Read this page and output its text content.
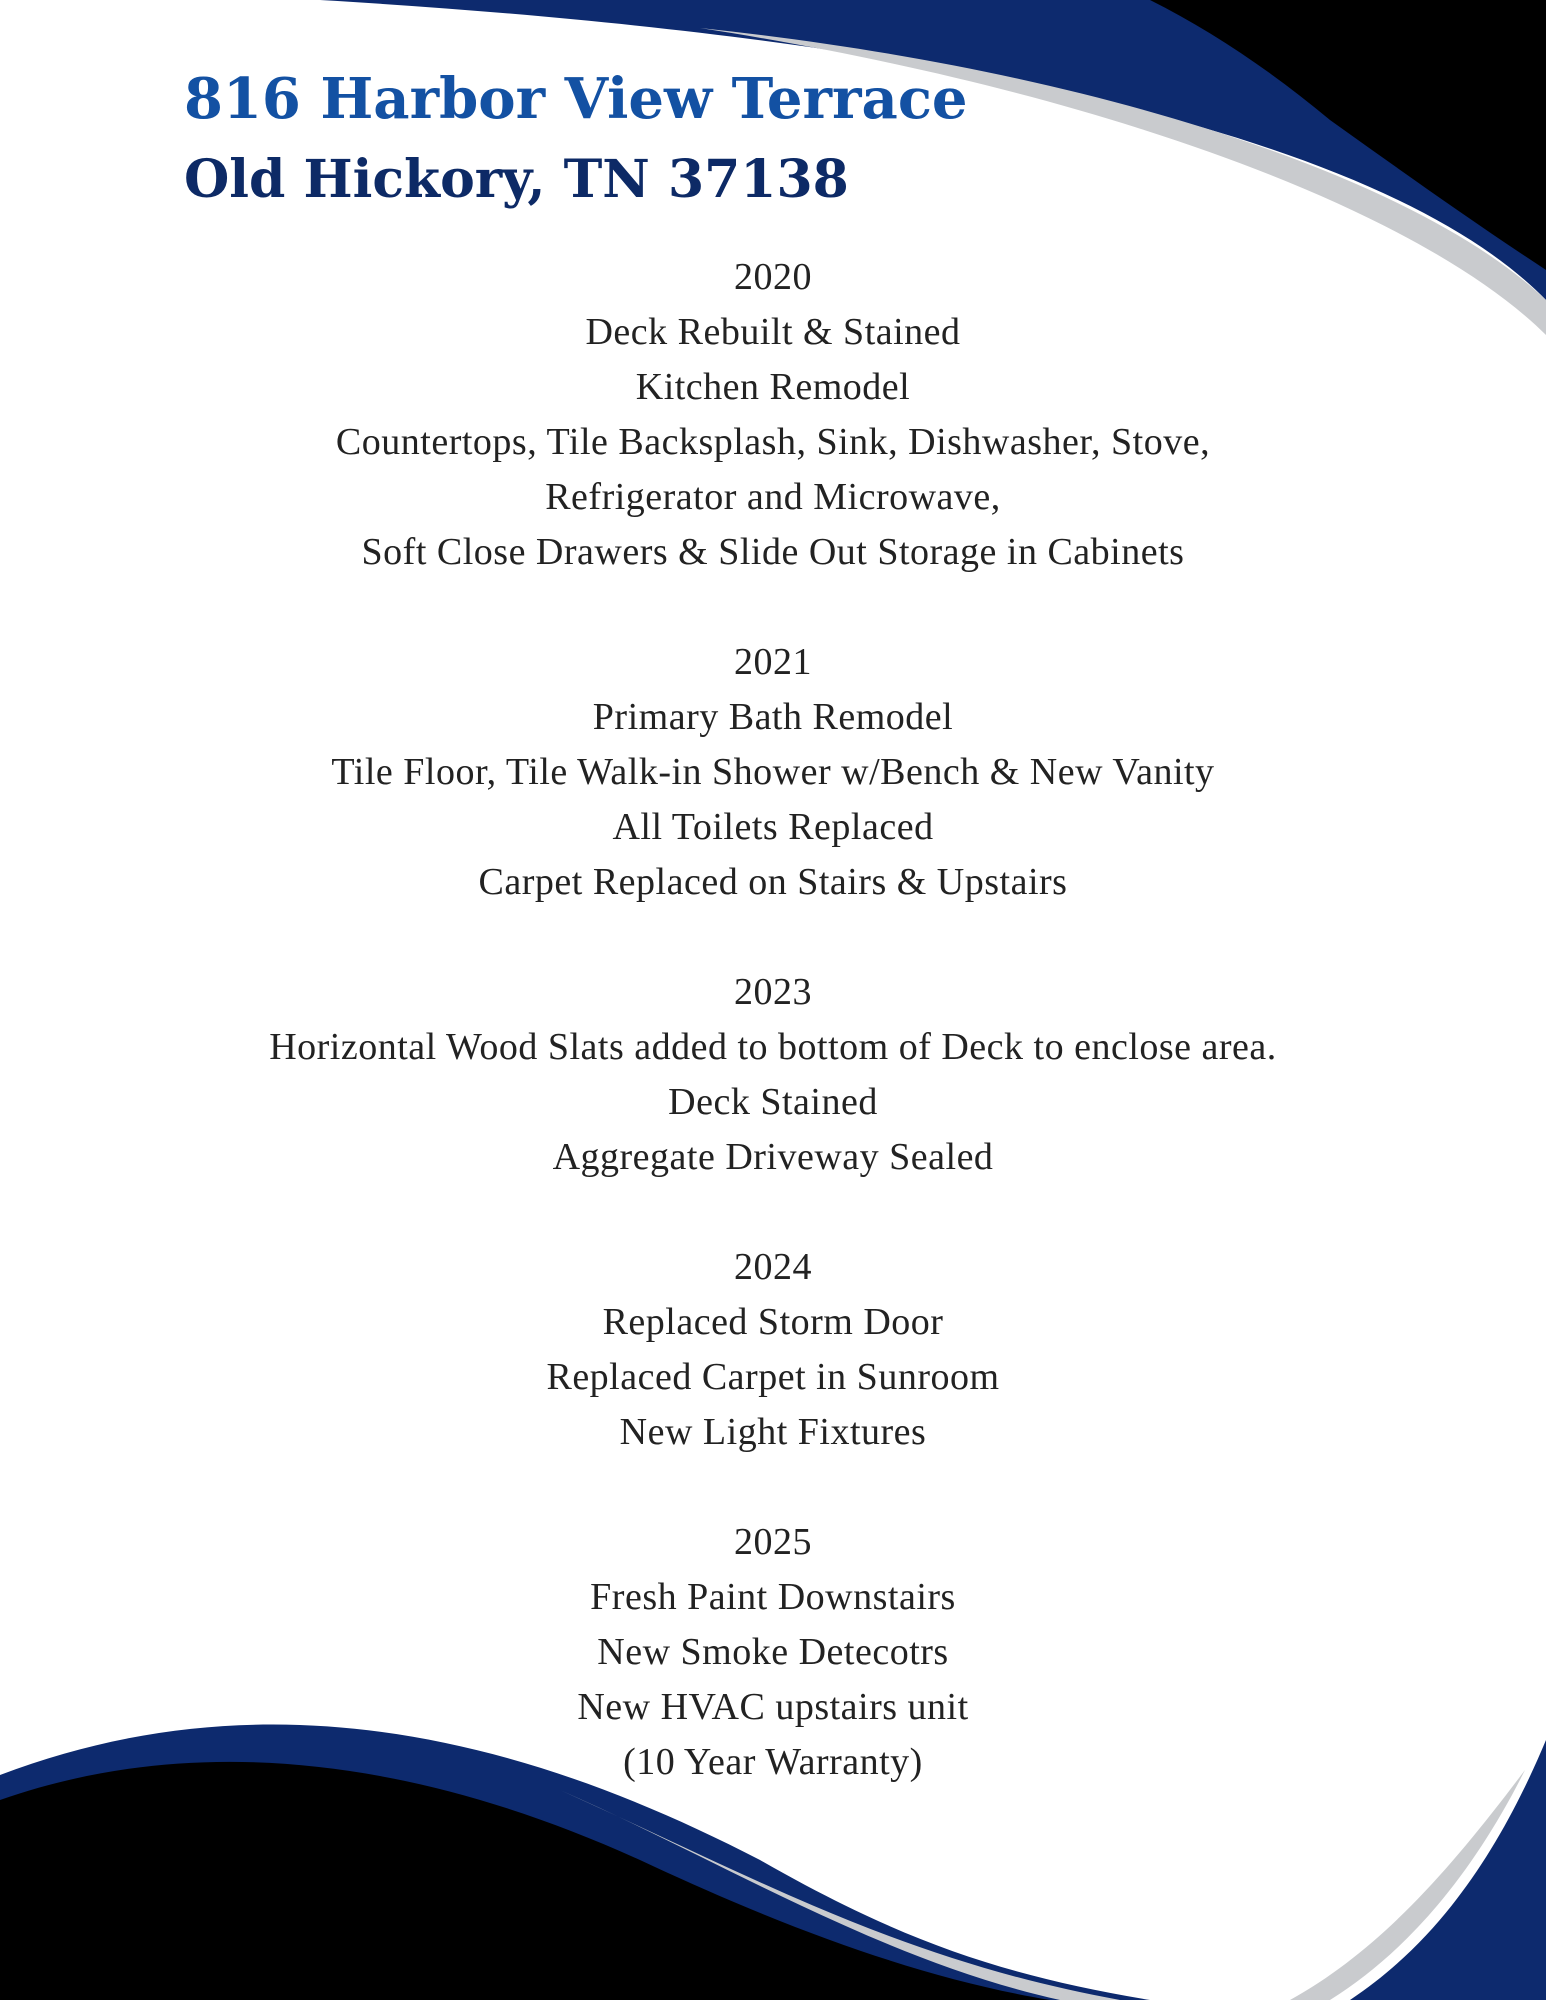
816 Harbor View Terrace
Old Hickory, TN 37138
2020
Deck Rebuilt & Stained
Kitchen Remodel
Countertops, Tile Backsplash, Sink, Dishwasher, Stove,
Refrigerator and Microwave,
Soft Close Drawers & Slide Out Storage in Cabinets
2021
Primary Bath Remodel
Tile Floor, Tile Walk-in Shower w/Bench & New Vanity
All Toilets Replaced
Carpet Replaced on Stairs & Upstairs
2023
Horizontal Wood Slats added to bottom of Deck to enclose area.
Deck Stained
Aggregate Driveway Sealed
2024
Replaced Storm Door
Replaced Carpet in Sunroom
New Light Fixtures
2025
Fresh Paint Downstairs
New Smoke Detecotrs
New HVAC upstairs unit
(10 Year Warranty)
